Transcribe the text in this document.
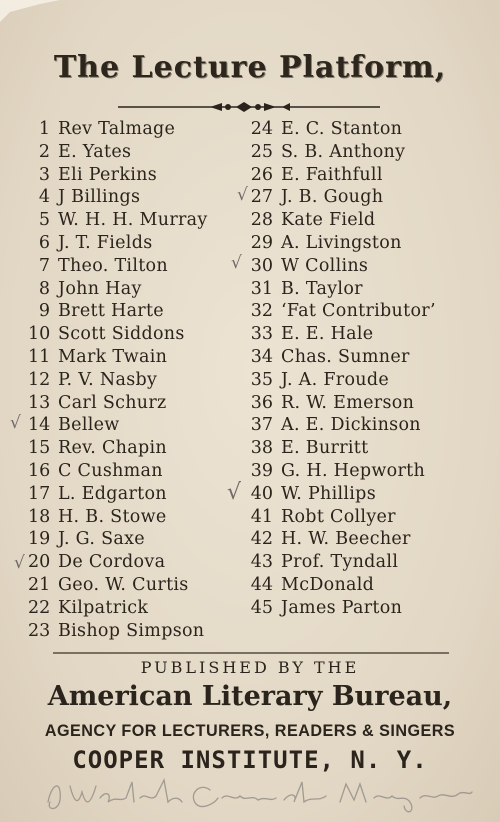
The Lecture Platform,
1 Rev Talmage
2 E. Yates
3 Eli Perkins
4 J Billings
5 W. H. H. Murray
6 J. T. Fields
7 Theo. Tilton
8 John Hay
9 Brett Harte
10 Scott Siddons
11 Mark Twain
12 P. V. Nasby
13 Carl Schurz
14 Bellew
15 Rev. Chapin
16 C Cushman
17 L. Edgarton
18 H. B. Stowe
19 J. G. Saxe
20 De Cordova
21 Geo. W. Curtis
22 Kilpatrick
23 Bishop Simpson
24 E. C. Stanton
25 S. B. Anthony
26 E. Faithfull
27 J. B. Gough
28 Kate Field
29 A. Livingston
30 W Collins
31 B. Taylor
32 ‘Fat Contributor’
33 E. E. Hale
34 Chas. Sumner
35 J. A. Froude
36 R. W. Emerson
37 A. E. Dickinson
38 E. Burritt
39 G. H. Hepworth
40 W. Phillips
41 Robt Collyer
42 H. W. Beecher
43 Prof. Tyndall
44 McDonald
45 James Parton
√
√
√
√
√
PUBLISHED BY THE
American Literary Bureau,
AGENCY FOR LECTURERS, READERS & SINGERS
COOPER INSTITUTE, N. Y.
